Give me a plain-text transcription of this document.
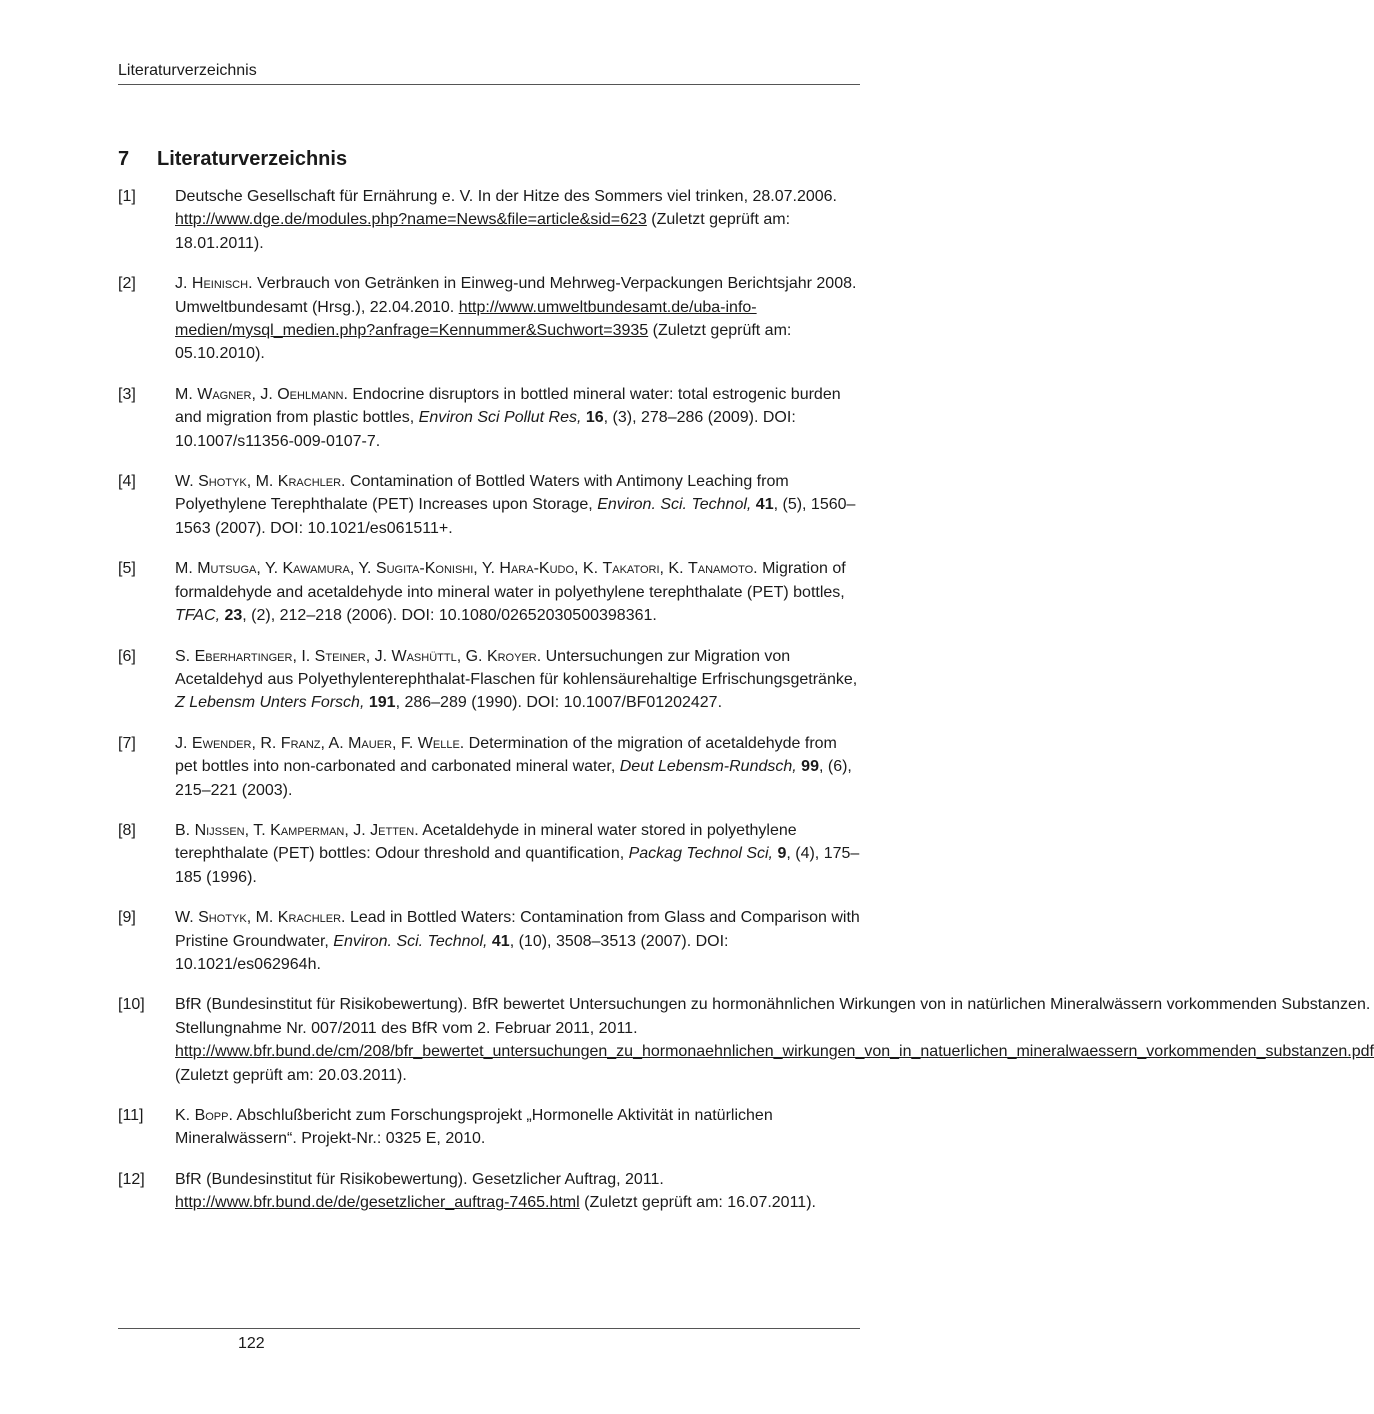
Literaturverzeichnis
7 Literaturverzeichnis
[1]	Deutsche Gesellschaft für Ernährung e. V. In der Hitze des Sommers viel trinken, 28.07.2006. http://www.dge.de/modules.php?name=News&file=article&sid=623 (Zuletzt geprüft am: 18.01.2011).
[2]	J. Heinisch. Verbrauch von Getränken in Einweg-und Mehrweg-Verpackungen Berichtsjahr 2008. Umweltbundesamt (Hrsg.), 22.04.2010. http://www.umweltbundesamt.de/uba-info-medien/mysql_medien.php?anfrage=Kennummer&Suchwort=3935 (Zuletzt geprüft am: 05.10.2010).
[3]	M. Wagner, J. Oehlmann. Endocrine disruptors in bottled mineral water: total estrogenic burden and migration from plastic bottles, Environ Sci Pollut Res, 16, (3), 278–286 (2009). DOI: 10.1007/s11356-009-0107-7.
[4]	W. Shotyk, M. Krachler. Contamination of Bottled Waters with Antimony Leaching from Polyethylene Terephthalate (PET) Increases upon Storage, Environ. Sci. Technol, 41, (5), 1560–1563 (2007). DOI: 10.1021/es061511+.
[5]	M. Mutsuga, Y. Kawamura, Y. Sugita-Konishi, Y. Hara-Kudo, K. Takatori, K. Tanamoto. Migration of formaldehyde and acetaldehyde into mineral water in polyethylene terephthalate (PET) bottles, TFAC, 23, (2), 212–218 (2006). DOI: 10.1080/02652030500398361.
[6]	S. Eberhartinger, I. Steiner, J. Washüttl, G. Kroyer. Untersuchungen zur Migration von Acetaldehyd aus Polyethylenterephthalat-Flaschen für kohlensäurehaltige Erfrischungsgetränke, Z Lebensm Unters Forsch, 191, 286–289 (1990). DOI: 10.1007/BF01202427.
[7]	J. Ewender, R. Franz, A. Mauer, F. Welle. Determination of the migration of acetaldehyde from pet bottles into non-carbonated and carbonated mineral water, Deut Lebensm-Rundsch, 99, (6), 215–221 (2003).
[8]	B. Nijssen, T. Kamperman, J. Jetten. Acetaldehyde in mineral water stored in polyethylene terephthalate (PET) bottles: Odour threshold and quantification, Packag Technol Sci, 9, (4), 175–185 (1996).
[9]	W. Shotyk, M. Krachler. Lead in Bottled Waters: Contamination from Glass and Comparison with Pristine Groundwater, Environ. Sci. Technol, 41, (10), 3508–3513 (2007). DOI: 10.1021/es062964h.
[10]	BfR (Bundesinstitut für Risikobewertung). BfR bewertet Untersuchungen zu hormonähnlichen Wirkungen von in natürlichen Mineralwässern vorkommenden Substanzen. Stellungnahme Nr. 007/2011 des BfR vom 2. Februar 2011, 2011. http://www.bfr.bund.de/cm/208/bfr_bewertet_untersuchungen_zu_hormonaehnlichen_wirkungen_von_in_natuerlichen_mineralwaessern_vorkommenden_substanzen.pdf (Zuletzt geprüft am: 20.03.2011).
[11]	K. Bopp. Abschlußbericht zum Forschungsprojekt „Hormonelle Aktivität in natürlichen Mineralwässern“. Projekt-Nr.: 0325 E, 2010.
[12]	BfR (Bundesinstitut für Risikobewertung). Gesetzlicher Auftrag, 2011. http://www.bfr.bund.de/de/gesetzlicher_auftrag-7465.html (Zuletzt geprüft am: 16.07.2011).
122
